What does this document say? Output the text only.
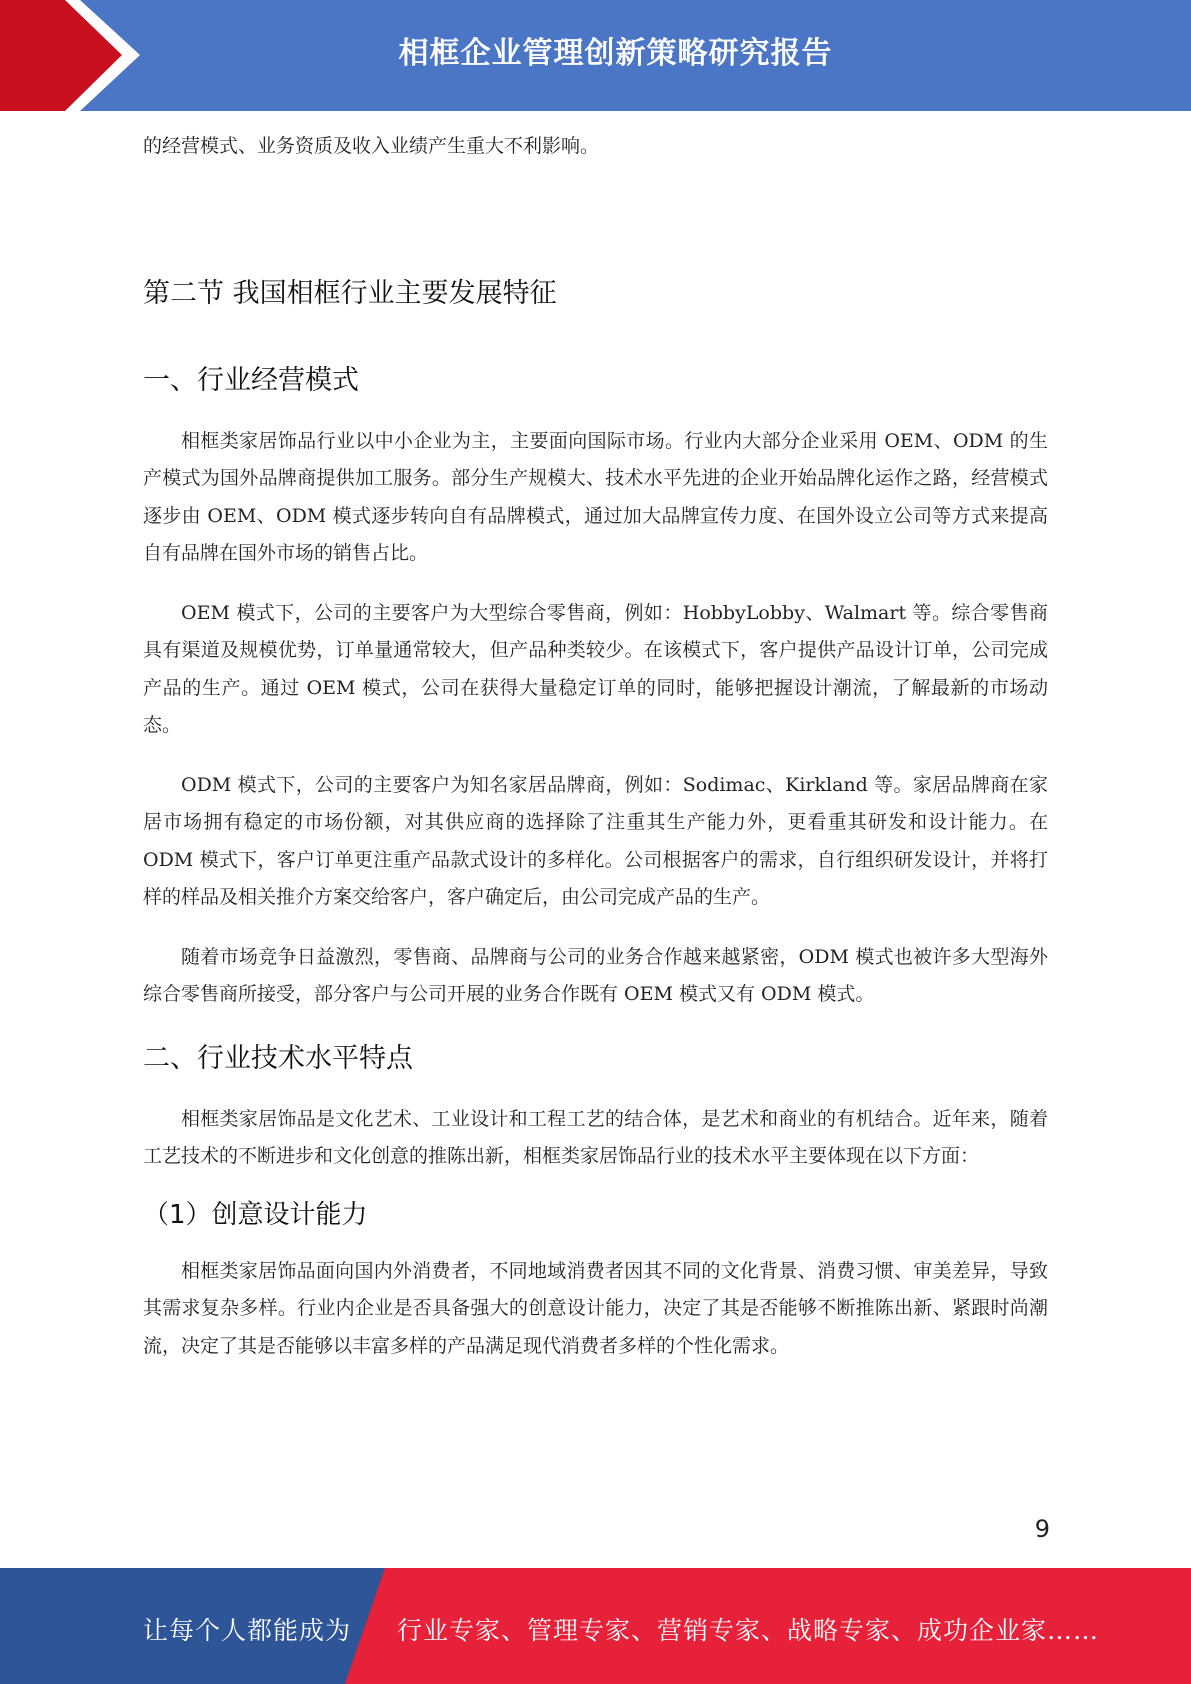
相框企业管理创新策略研究报告

的经营模式、业务资质及收入业绩产生重大不利影响。

第二节 我国相框行业主要发展特征
一、行业经营模式

相框类家居饰品行业以中小企业为主，主要面向国际市场。行业内大部分企业采用 OEM、ODM 的生产模式为国外品牌商提供加工服务。部分生产规模大、技术水平先进的企业开始品牌化运作之路，经营模式逐步由 OEM、ODM 模式逐步转向自有品牌模式，通过加大品牌宣传力度、在国外设立公司等方式来提高自有品牌在国外市场的销售占比。

OEM 模式下，公司的主要客户为大型综合零售商，例如：HobbyLobby、Walmart 等。综合零售商具有渠道及规模优势，订单量通常较大，但产品种类较少。在该模式下，客户提供产品设计订单，公司完成产品的生产。通过 OEM 模式，公司在获得大量稳定订单的同时，能够把握设计潮流，了解最新的市场动态。

ODM 模式下，公司的主要客户为知名家居品牌商，例如：Sodimac、Kirkland 等。家居品牌商在家居市场拥有稳定的市场份额，对其供应商的选择除了注重其生产能力外，更看重其研发和设计能力。在 ODM 模式下，客户订单更注重产品款式设计的多样化。公司根据客户的需求，自行组织研发设计，并将打样的样品及相关推介方案交给客户，客户确定后，由公司完成产品的生产。

随着市场竞争日益激烈，零售商、品牌商与公司的业务合作越来越紧密，ODM 模式也被许多大型海外综合零售商所接受，部分客户与公司开展的业务合作既有 OEM 模式又有 ODM 模式。

二、行业技术水平特点

相框类家居饰品是文化艺术、工业设计和工程工艺的结合体，是艺术和商业的有机结合。近年来，随着工艺技术的不断进步和文化创意的推陈出新，相框类家居饰品行业的技术水平主要体现在以下方面：

（1）创意设计能力

相框类家居饰品面向国内外消费者，不同地域消费者因其不同的文化背景、消费习惯、审美差异，导致其需求复杂多样。行业内企业是否具备强大的创意设计能力，决定了其是否能够不断推陈出新、紧跟时尚潮流，决定了其是否能够以丰富多样的产品满足现代消费者多样的个性化需求。

9
让每个人都能成为 行业专家、管理专家、营销专家、战略专家、成功企业家……
